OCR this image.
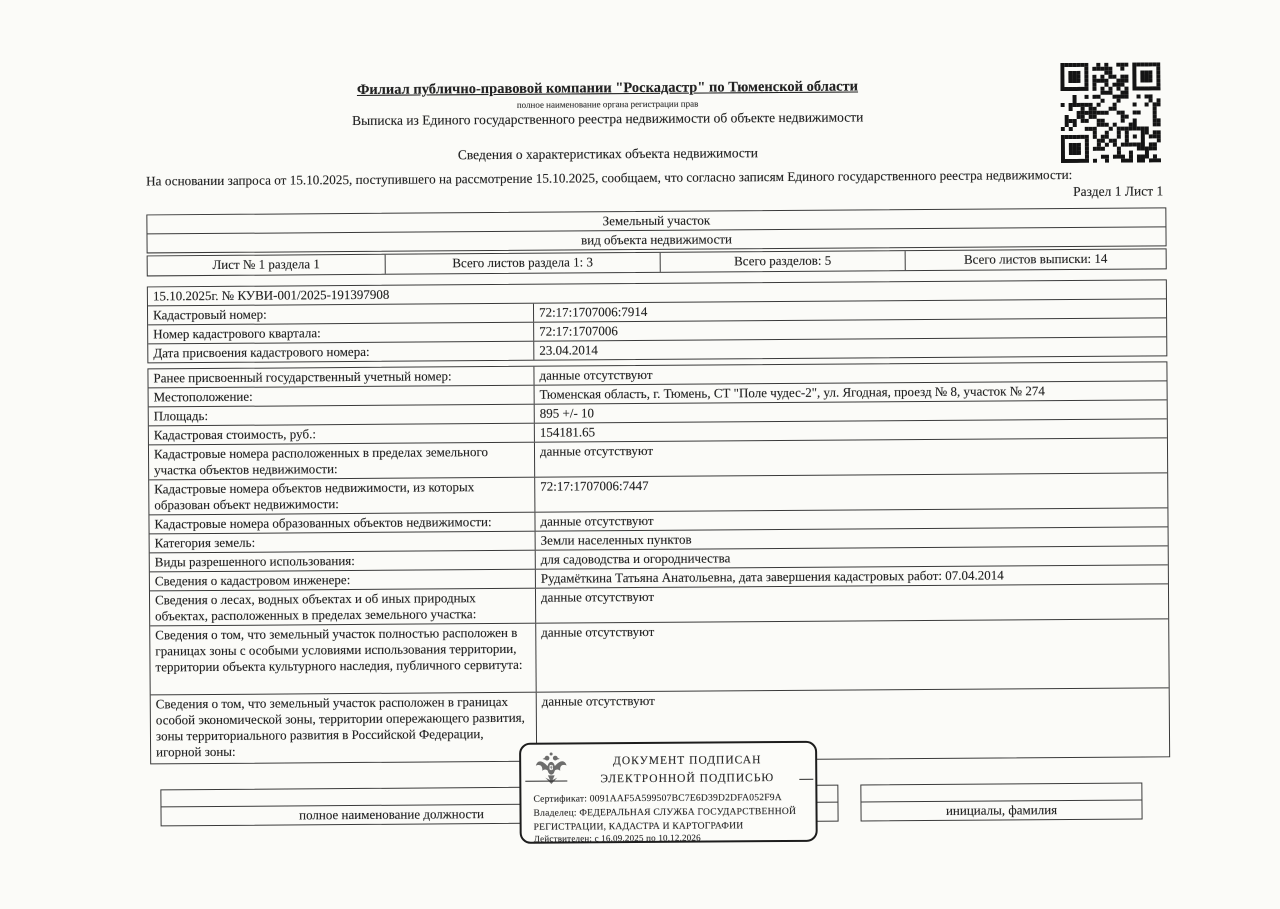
Филиал публично-правовой компании "Роскадастр" по Тюменской области
полное наименование органа регистрации прав
Выписка из Единого государственного реестра недвижимости об объекте недвижимости
Сведения о характеристиках объекта недвижимости
На основании запроса от 15.10.2025, поступившего на рассмотрение 15.10.2025, сообщаем, что согласно записям Единого государственного реестра недвижимости:
Раздел 1 Лист 1
Земельный участок
вид объекта недвижимости
Лист № 1 раздела 1	Всего листов раздела 1: 3	Всего разделов: 5	Всего листов выписки: 14
15.10.2025г. № КУВИ-001/2025-191397908
Кадастровый номер:	72:17:1707006:7914
Номер кадастрового квартала:	72:17:1707006
Дата присвоения кадастрового номера:	23.04.2014
Ранее присвоенный государственный учетный номер:	данные отсутствуют
Местоположение:	Тюменская область, г. Тюмень, СТ "Поле чудес-2", ул. Ягодная, проезд № 8, участок № 274
Площадь:	895 +/- 10
Кадастровая стоимость, руб.:	154181.65
Кадастровые номера расположенных в пределах земельного участка объектов недвижимости:
данные отсутствуют
Кадастровые номера объектов недвижимости, из которых образован объект недвижимости:
72:17:1707006:7447
Кадастровые номера образованных объектов недвижимости:	данные отсутствуют
Категория земель:	Земли населенных пунктов
Виды разрешенного использования:	для садоводства и огородничества
Сведения о кадастровом инженере:	Рудамёткина Татьяна Анатольевна, дата завершения кадастровых работ: 07.04.2014
Сведения о лесах, водных объектах и об иных природных объектах, расположенных в пределах земельного участка:
данные отсутствуют
Сведения о том, что земельный участок полностью расположен в границах зоны с особыми условиями использования территории, территории объекта культурного наследия, публичного сервитута:
данные отсутствуют
Сведения о том, что земельный участок расположен в границах особой экономической зоны, территории опережающего развития, зоны территориального развития в Российской Федерации, игорной зоны:
данные отсутствуют
полное наименование должности	инициалы, фамилия
ДОКУМЕНТ ПОДПИСАН
ЭЛЕКТРОННОЙ ПОДПИСЬЮ
Сертификат: 0091AAF5A599507BC7E6D39D2DFA052F9A
Владелец: ФЕДЕРАЛЬНАЯ СЛУЖБА ГОСУДАРСТВЕННОЙ
РЕГИСТРАЦИИ, КАДАСТРА И КАРТОГРАФИИ
Действителен: с 16.09.2025 по 10.12.2026
